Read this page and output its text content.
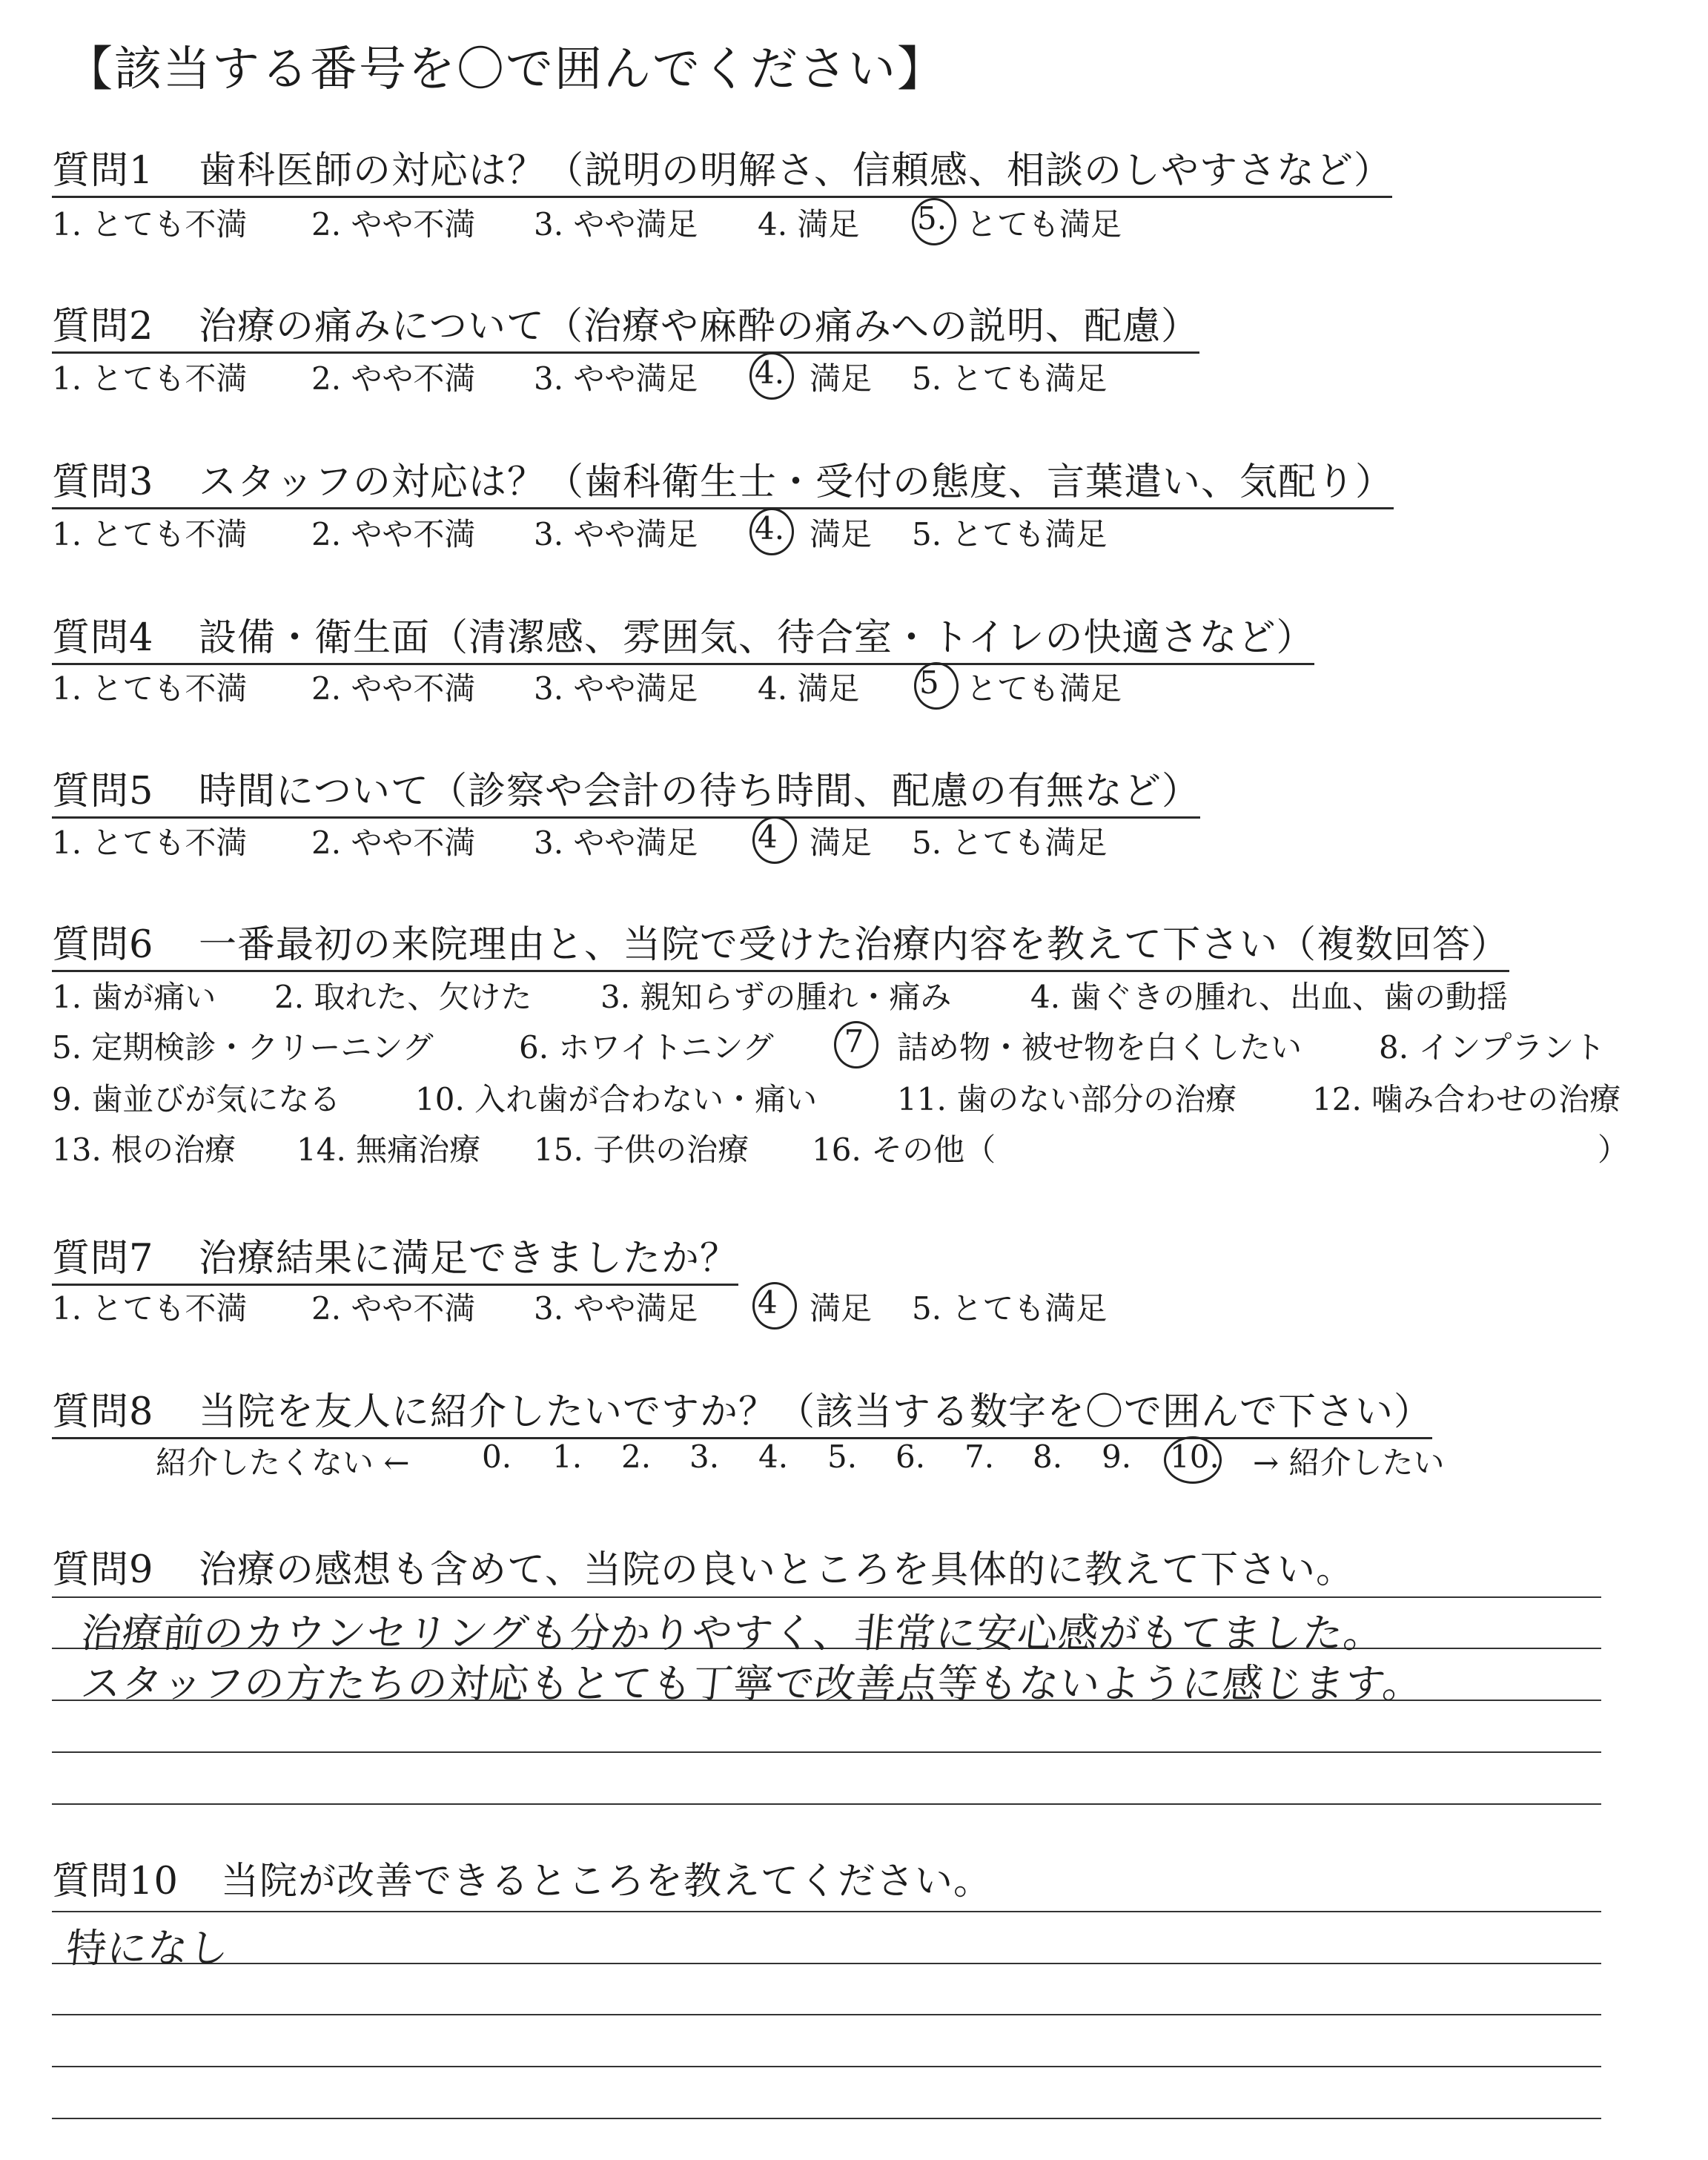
【該当する番号を〇で囲んでください】
質問1 歯科医師の対応は？（説明の明解さ、信頼感、相談のしやすさなど）
1. とても不満 2. やや不満 3. やや満足 4. 満足 5. とても満足
質問2 治療の痛みについて（治療や麻酔の痛みへの説明、配慮）
1. とても不満 2. やや不満 3. やや満足 4. 満足 5. とても満足
質問3 スタッフの対応は？（歯科衛生士・受付の態度、言葉遣い、気配り）
1. とても不満 2. やや不満 3. やや満足 4. 満足 5. とても満足
質問4 設備・衛生面（清潔感、雰囲気、待合室・トイレの快適さなど）
1. とても不満 2. やや不満 3. やや満足 4. 満足 5 とても満足
質問5 時間について（診察や会計の待ち時間、配慮の有無など）
1. とても不満 2. やや不満 3. やや満足 4 満足 5. とても満足
質問6 一番最初の来院理由と、当院で受けた治療内容を教えて下さい（複数回答）
1. 歯が痛い 2. 取れた、欠けた 3. 親知らずの腫れ・痛み	4. 歯ぐきの腫れ、出血、歯の動揺
5. 定期検診・クリーニング	6. ホワイトニング 7 詰め物・被せ物を白くしたい 8. インプラント
9. 歯並びが気になる 10. 入れ歯が合わない・痛い	11. 歯のない部分の治療 12. 噛み合わせの治療
13. 根の治療 14. 無痛治療 15. 子供の治療 16. その他（	）
質問7 治療結果に満足できましたか？
1. とても不満 2. やや不満 3. やや満足 4 満足 5. とても満足
質問8 当院を友人に紹介したいですか？（該当する数字を〇で囲んで下さい）
紹介したくない ← 0. 1. 2. 3. 4. 5. 6. 7. 8. 9. 10. → 紹介したい
質問9 治療の感想も含めて、当院の良いところを具体的に教えて下さい。
治療前のカウンセリングも分かりやすく、非常に安心感がもてました。
スタッフの方たちの対応もとても丁寧で改善点等もないように感じます。
質問10 当院が改善できるところを教えてください。
特になし
